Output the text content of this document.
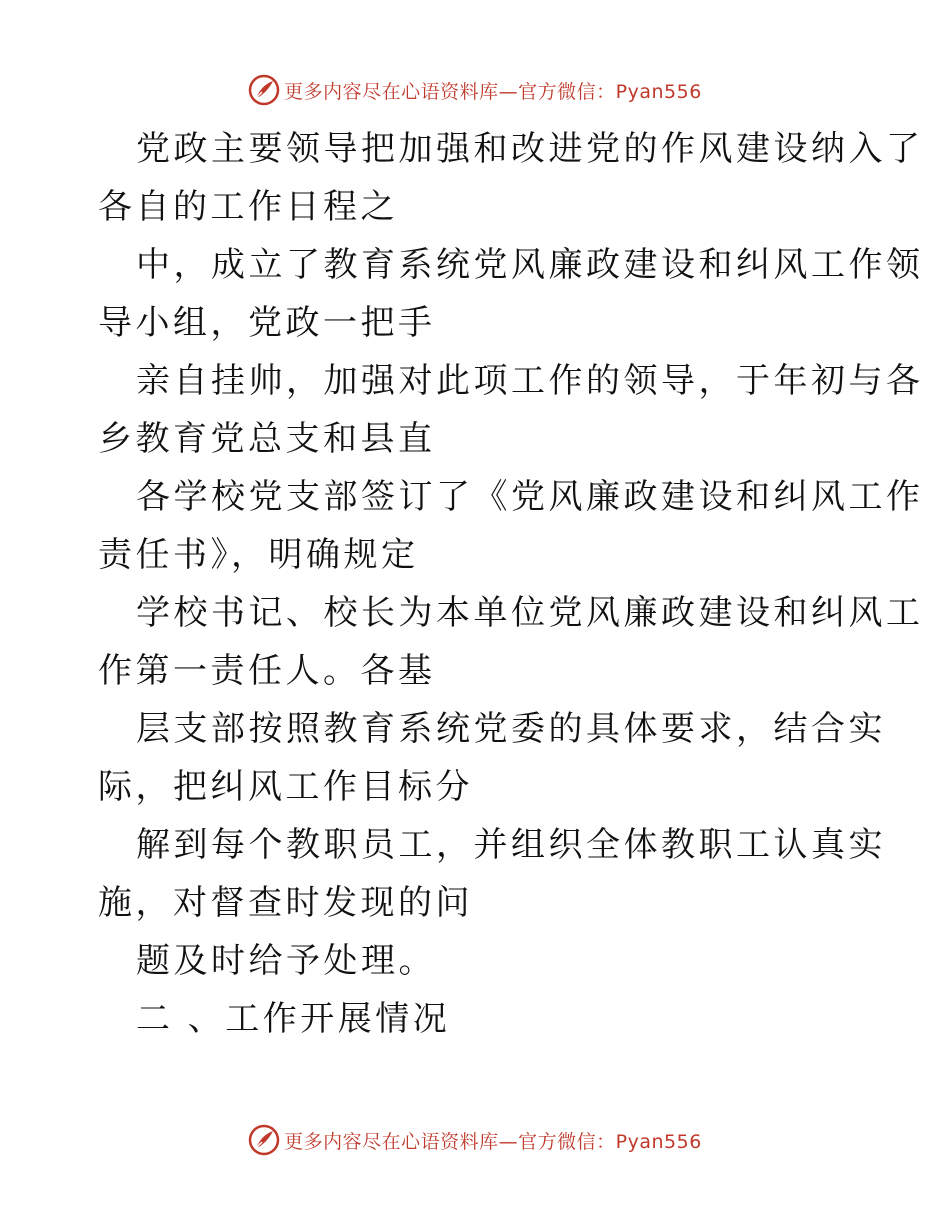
更多内容尽在心语资料库—官方微信：Pyan556

党政主要领导把加强和改进党的作风建设纳入了

各自的工作日程之

中，成立了教育系统党风廉政建设和纠风工作领

导小组，党政一把手

亲自挂帅，加强对此项工作的领导，于年初与各

乡教育党总支和县直

各学校党支部签订了《党风廉政建设和纠风工作

责任书》，明确规定

学校书记、校长为本单位党风廉政建设和纠风工

作第一责任人。各基

层支部按照教育系统党委的具体要求，结合实

际，把纠风工作目标分

解到每个教职员工，并组织全体教职工认真实

施，对督查时发现的问

题及时给予处理。

二 、工作开展情况

更多内容尽在心语资料库—官方微信：Pyan556
